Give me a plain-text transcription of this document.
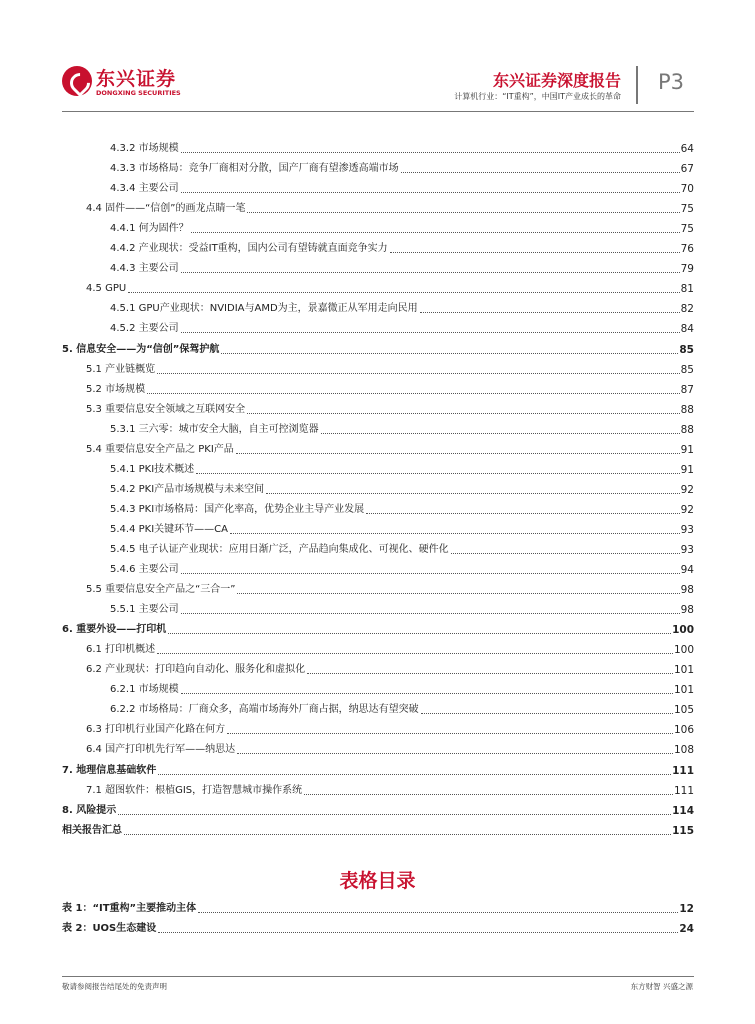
东兴证券
DONGXING SECURITIES
东兴证券深度报告
计算机行业：“IT重构”，中国IT产业成长的革命
P3
4.3.2 市场规模	64
4.3.3 市场格局：竞争厂商相对分散，国产厂商有望渗透高端市场	67
4.3.4 主要公司	70
4.4 固件——“信创”的画龙点睛一笔	75
4.4.1 何为固件？	75
4.4.2 产业现状：受益IT重构，国内公司有望铸就直面竞争实力	76
4.4.3 主要公司	79
4.5 GPU	81
4.5.1 GPU产业现状：NVIDIA与AMD为主，景嘉微正从军用走向民用	82
4.5.2 主要公司	84
5. 信息安全——为“信创”保驾护航	85
5.1 产业链概览	85
5.2 市场规模	87
5.3 重要信息安全领域之互联网安全	88
5.3.1 三六零：城市安全大脑，自主可控浏览器	88
5.4 重要信息安全产品之 PKI产品	91
5.4.1 PKI技术概述	91
5.4.2 PKI产品市场规模与未来空间	92
5.4.3 PKI市场格局：国产化率高，优势企业主导产业发展	92
5.4.4 PKI关键环节——CA	93
5.4.5 电子认证产业现状：应用日渐广泛，产品趋向集成化、可视化、硬件化	93
5.4.6 主要公司	94
5.5 重要信息安全产品之“三合一”	98
5.5.1 主要公司	98
6. 重要外设——打印机	100
6.1 打印机概述	100
6.2 产业现状：打印趋向自动化、服务化和虚拟化	101
6.2.1 市场规模	101
6.2.2 市场格局：厂商众多，高端市场海外厂商占据，纳思达有望突破	105
6.3 打印机行业国产化路在何方	106
6.4 国产打印机先行军——纳思达	108
7. 地理信息基础软件	111
7.1 超图软件：根植GIS，打造智慧城市操作系统	111
8. 风险提示	114
相关报告汇总	115
表格目录
表 1：“IT重构”主要推动主体	12
表 2：UOS生态建设	24
敬请参阅报告结尾处的免责声明	东方财智 兴盛之源
